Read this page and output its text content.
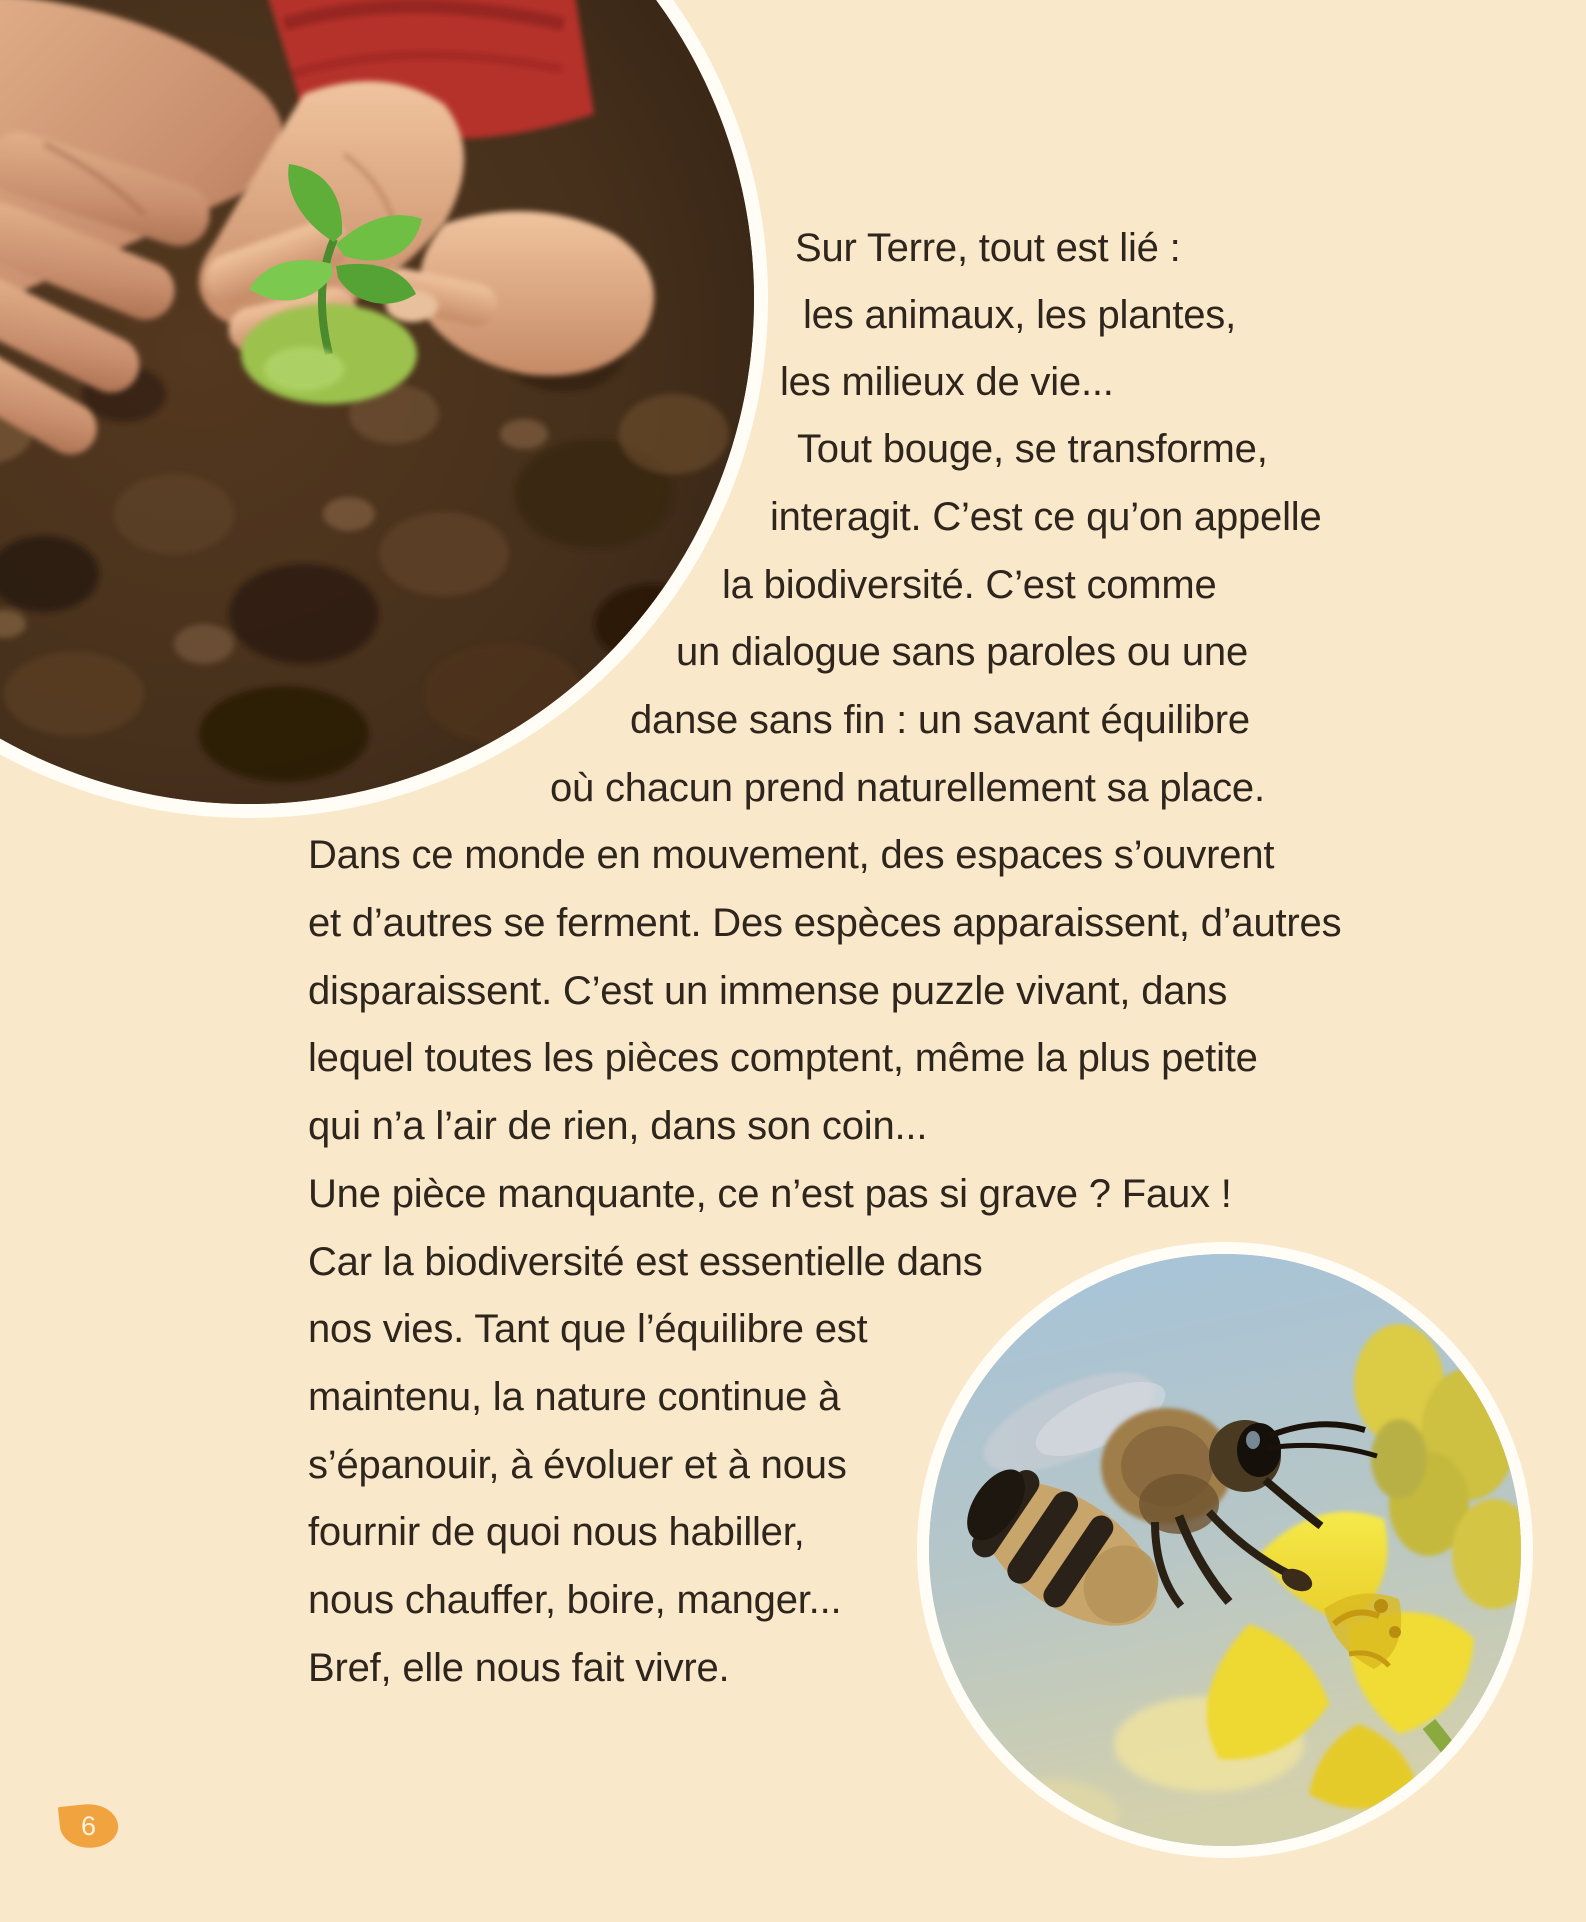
Sur Terre, tout est lié :
les animaux, les plantes,
les milieux de vie...
Tout bouge, se transforme,
interagit. C’est ce qu’on appelle
la biodiversité. C’est comme
un dialogue sans paroles ou une
danse sans fin : un savant équilibre
où chacun prend naturellement sa place.
Dans ce monde en mouvement, des espaces s’ouvrent
et d’autres se ferment. Des espèces apparaissent, d’autres
disparaissent. C’est un immense puzzle vivant, dans
lequel toutes les pièces comptent, même la plus petite
qui n’a l’air de rien, dans son coin...
Une pièce manquante, ce n’est pas si grave ? Faux !
Car la biodiversité est essentielle dans
nos vies. Tant que l’équilibre est
maintenu, la nature continue à
s’épanouir, à évoluer et à nous
fournir de quoi nous habiller,
nous chauffer, boire, manger...
Bref, elle nous fait vivre.
6
